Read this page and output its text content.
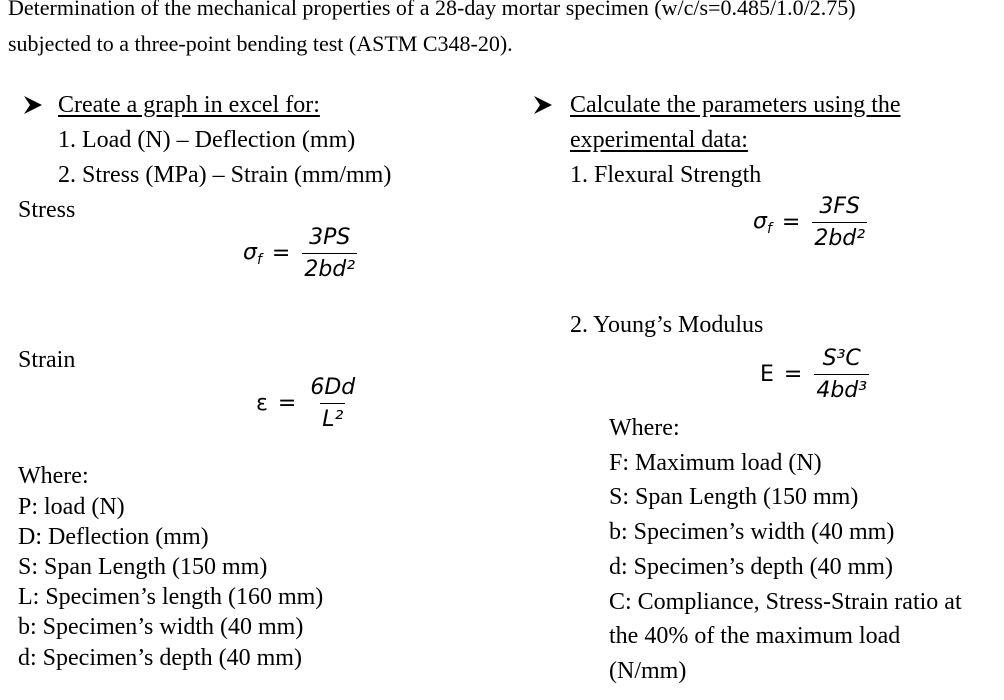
Determination of the mechanical properties of a 28-day mortar specimen (w/c/s=0.485/1.0/2.75)
subjected to a three-point bending test (ASTM C348-20).
Create a graph in excel for:
1. Load (N) – Deflection (mm)
2. Stress (MPa) – Strain (mm/mm)
Stress
$\sigma_f = \frac{3PS}{\text{2bd²}}$
Strain
$\varepsilon = \frac{6Dd}{\text{L²}}$
Where:
P: load (N)
D: Deflection (mm)
S: Span Length (150 mm)
L: Specimen’s length (160 mm)
b: Specimen’s width (40 mm)
d: Specimen’s depth (40 mm)
Calculate the parameters using the
experimental data:
1. Flexural Strength
$\sigma_f = \frac{3FS}{\text{2bd²}}$
2. Young’s Modulus
$E = \frac{\text{S³C}}{\text{4bd³}}$
Where:
F: Maximum load (N)
S: Span Length (150 mm)
b: Specimen’s width (40 mm)
d: Specimen’s depth (40 mm)
C: Compliance, Stress-Strain ratio at
the 40% of the maximum load
(N/mm)
